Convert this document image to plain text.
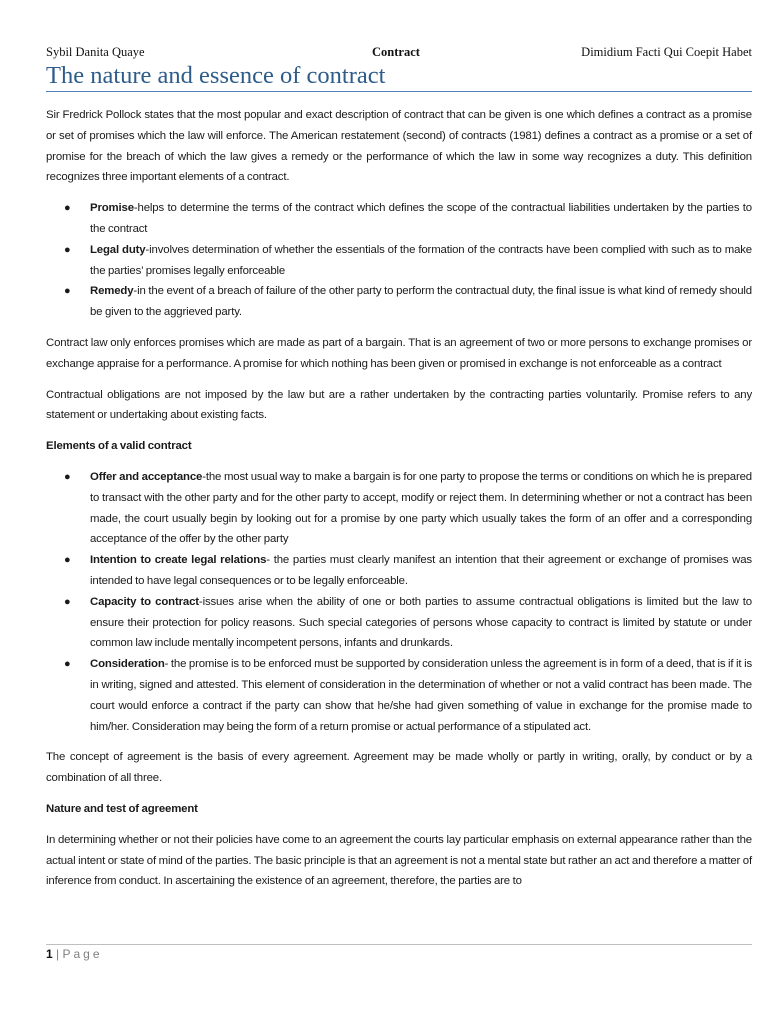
Sybil Danita Quaye	Contract	Dimidium Facti Qui Coepit Habet
The nature and essence of contract

Sir Fredrick Pollock states that the most popular and exact description of contract that can be given is one which defines a contract as a promise or set of promises which the law will enforce. The American restatement (second) of contracts (1981) defines a contract as a promise or a set of promise for the breach of which the law gives a remedy or the performance of which the law in some way recognizes a duty. This definition recognizes three important elements of a contract.

● Promise-helps to determine the terms of the contract which defines the scope of the contractual liabilities undertaken by the parties to the contract
● Legal duty-involves determination of whether the essentials of the formation of the contracts have been complied with such as to make the parties’ promises legally enforceable
● Remedy-in the event of a breach of failure of the other party to perform the contractual duty, the final issue is what kind of remedy should be given to the aggrieved party.

Contract law only enforces promises which are made as part of a bargain. That is an agreement of two or more persons to exchange promises or exchange appraise for a performance. A promise for which nothing has been given or promised in exchange is not enforceable as a contract

Contractual obligations are not imposed by the law but are a rather undertaken by the contracting parties voluntarily. Promise refers to any statement or undertaking about existing facts.

Elements of a valid contract

● Offer and acceptance-the most usual way to make a bargain is for one party to propose the terms or conditions on which he is prepared to transact with the other party and for the other party to accept, modify or reject them. In determining whether or not a contract has been made, the court usually begin by looking out for a promise by one party which usually takes the form of an offer and a corresponding acceptance of the offer by the other party
● Intention to create legal relations- the parties must clearly manifest an intention that their agreement or exchange of promises was intended to have legal consequences or to be legally enforceable.
● Capacity to contract-issues arise when the ability of one or both parties to assume contractual obligations is limited but the law to ensure their protection for policy reasons. Such special categories of persons whose capacity to contract is limited by statute or under common law include mentally incompetent persons, infants and drunkards.
● Consideration- the promise is to be enforced must be supported by consideration unless the agreement is in form of a deed, that is if it is in writing, signed and attested. This element of consideration in the determination of whether or not a valid contract has been made. The court would enforce a contract if the party can show that he/she had given something of value in exchange for the promise made to him/her. Consideration may being the form of a return promise or actual performance of a stipulated act.

The concept of agreement is the basis of every agreement. Agreement may be made wholly or partly in writing, orally, by conduct or by a combination of all three.

Nature and test of agreement

In determining whether or not their policies have come to an agreement the courts lay particular emphasis on external appearance rather than the actual intent or state of mind of the parties. The basic principle is that an agreement is not a mental state but rather an act and therefore a matter of inference from conduct. In ascertaining the existence of an agreement, therefore, the parties are to

1 | Page
